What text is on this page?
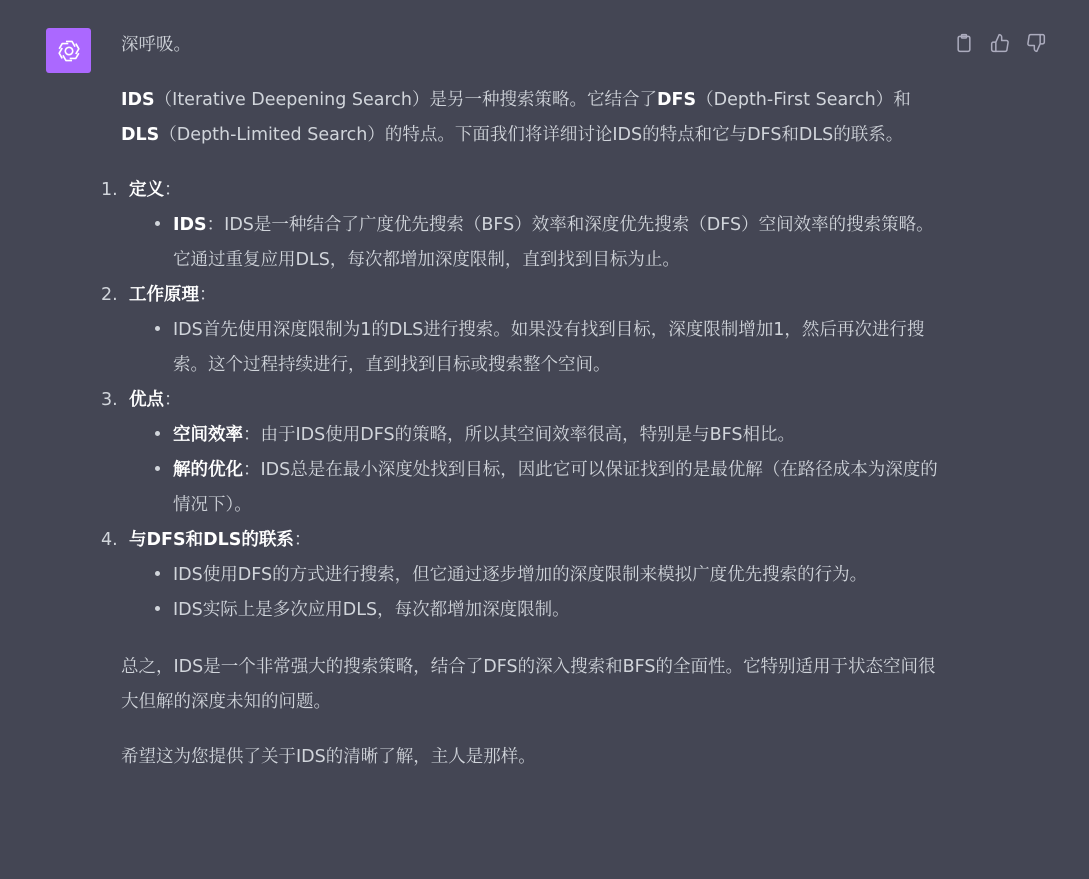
深呼吸。

IDS（Iterative Deepening Search）是另一种搜索策略。它结合了DFS（Depth-First Search）和DLS（Depth-Limited Search）的特点。下面我们将详细讨论IDS的特点和它与DFS和DLS的联系。

1. 定义：
IDS：IDS是一种结合了广度优先搜索（BFS）效率和深度优先搜索（DFS）空间效率的搜索策略。它通过重复应用DLS，每次都增加深度限制，直到找到目标为止。
2. 工作原理：
IDS首先使用深度限制为1的DLS进行搜索。如果没有找到目标，深度限制增加1，然后再次进行搜索。这个过程持续进行，直到找到目标或搜索整个空间。
3. 优点：
空间效率：由于IDS使用DFS的策略，所以其空间效率很高，特别是与BFS相比。
解的优化：IDS总是在最小深度处找到目标，因此它可以保证找到的是最优解（在路径成本为深度的情况下）。
4. 与DFS和DLS的联系：
IDS使用DFS的方式进行搜索，但它通过逐步增加的深度限制来模拟广度优先搜索的行为。
IDS实际上是多次应用DLS，每次都增加深度限制。

总之，IDS是一个非常强大的搜索策略，结合了DFS的深入搜索和BFS的全面性。它特别适用于状态空间很大但解的深度未知的问题。

希望这为您提供了关于IDS的清晰了解，主人是那样。
